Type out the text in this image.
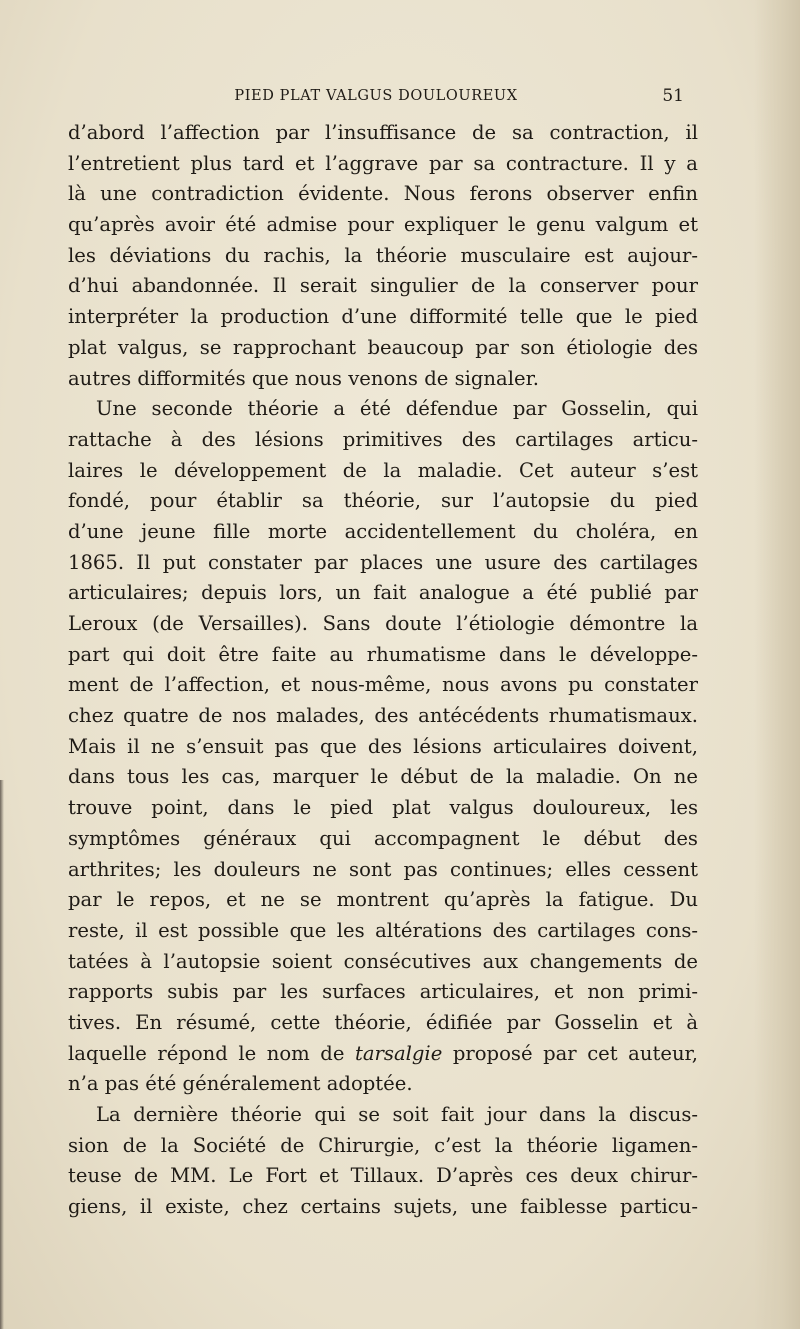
PIED PLAT VALGUS DOULOUREUX	51
d’abord l’affection par l’insuffisance de sa contraction, il
l’entretient plus tard et l’aggrave par sa contracture. Il y a
là une contradiction évidente. Nous ferons observer enfin
qu’après avoir été admise pour expliquer le genu valgum et
les déviations du rachis, la théorie musculaire est aujour-
d’hui abandonnée. Il serait singulier de la conserver pour
interpréter la production d’une difformité telle que le pied
plat valgus, se rapprochant beaucoup par son étiologie des
autres difformités que nous venons de signaler.
Une seconde théorie a été défendue par Gosselin, qui
rattache à des lésions primitives des cartilages articu-
laires le développement de la maladie. Cet auteur s’est
fondé, pour établir sa théorie, sur l’autopsie du pied
d’une jeune fille morte accidentellement du choléra, en
1865. Il put constater par places une usure des cartilages
articulaires; depuis lors, un fait analogue a été publié par
Leroux (de Versailles). Sans doute l’étiologie démontre la
part qui doit être faite au rhumatisme dans le développe-
ment de l’affection, et nous-même, nous avons pu constater
chez quatre de nos malades, des antécédents rhumatismaux.
Mais il ne s’ensuit pas que des lésions articulaires doivent,
dans tous les cas, marquer le début de la maladie. On ne
trouve point, dans le pied plat valgus douloureux, les
symptômes généraux qui accompagnent le début des
arthrites; les douleurs ne sont pas continues; elles cessent
par le repos, et ne se montrent qu’après la fatigue. Du
reste, il est possible que les altérations des cartilages cons-
tatées à l’autopsie soient consécutives aux changements de
rapports subis par les surfaces articulaires, et non primi-
tives. En résumé, cette théorie, édifiée par Gosselin et à
laquelle répond le nom de tarsalgie proposé par cet auteur,
n’a pas été généralement adoptée.
La dernière théorie qui se soit fait jour dans la discus-
sion de la Société de Chirurgie, c’est la théorie ligamen-
teuse de MM. Le Fort et Tillaux. D’après ces deux chirur-
giens, il existe, chez certains sujets, une faiblesse particu-
